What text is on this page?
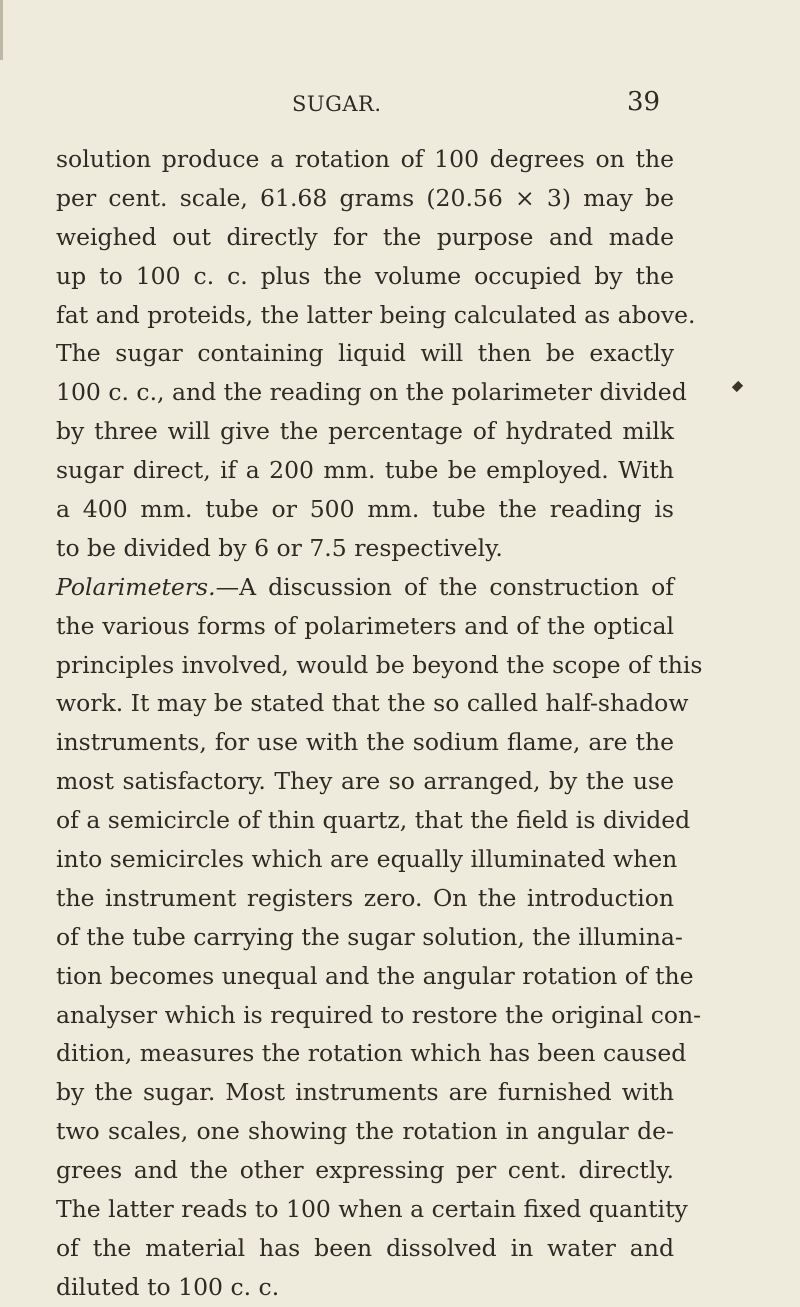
SUGAR.	39
solution produce a rotation of 100 degrees on the
per cent. scale, 61.68 grams (20.56 × 3) may be
weighed out directly for the purpose and made
up to 100 c. c. plus the volume occupied by the
fat and proteids, the latter being calculated as above.
The sugar containing liquid will then be exactly
100 c. c., and the reading on the polarimeter divided
by three will give the percentage of hydrated milk
sugar direct, if a 200 mm. tube be employed. With
a 400 mm. tube or 500 mm. tube the reading is
to be divided by 6 or 7.5 respectively.
Polarimeters.—A discussion of the construction of
the various forms of polarimeters and of the optical
principles involved, would be beyond the scope of this
work. It may be stated that the so called half-shadow
instruments, for use with the sodium flame, are the
most satisfactory. They are so arranged, by the use
of a semicircle of thin quartz, that the field is divided
into semicircles which are equally illuminated when
the instrument registers zero. On the introduction
of the tube carrying the sugar solution, the illumina-
tion becomes unequal and the angular rotation of the
analyser which is required to restore the original con-
dition, measures the rotation which has been caused
by the sugar. Most instruments are furnished with
two scales, one showing the rotation in angular de-
grees and the other expressing per cent. directly.
The latter reads to 100 when a certain fixed quantity
of the material has been dissolved in water and
diluted to 100 c. c.
